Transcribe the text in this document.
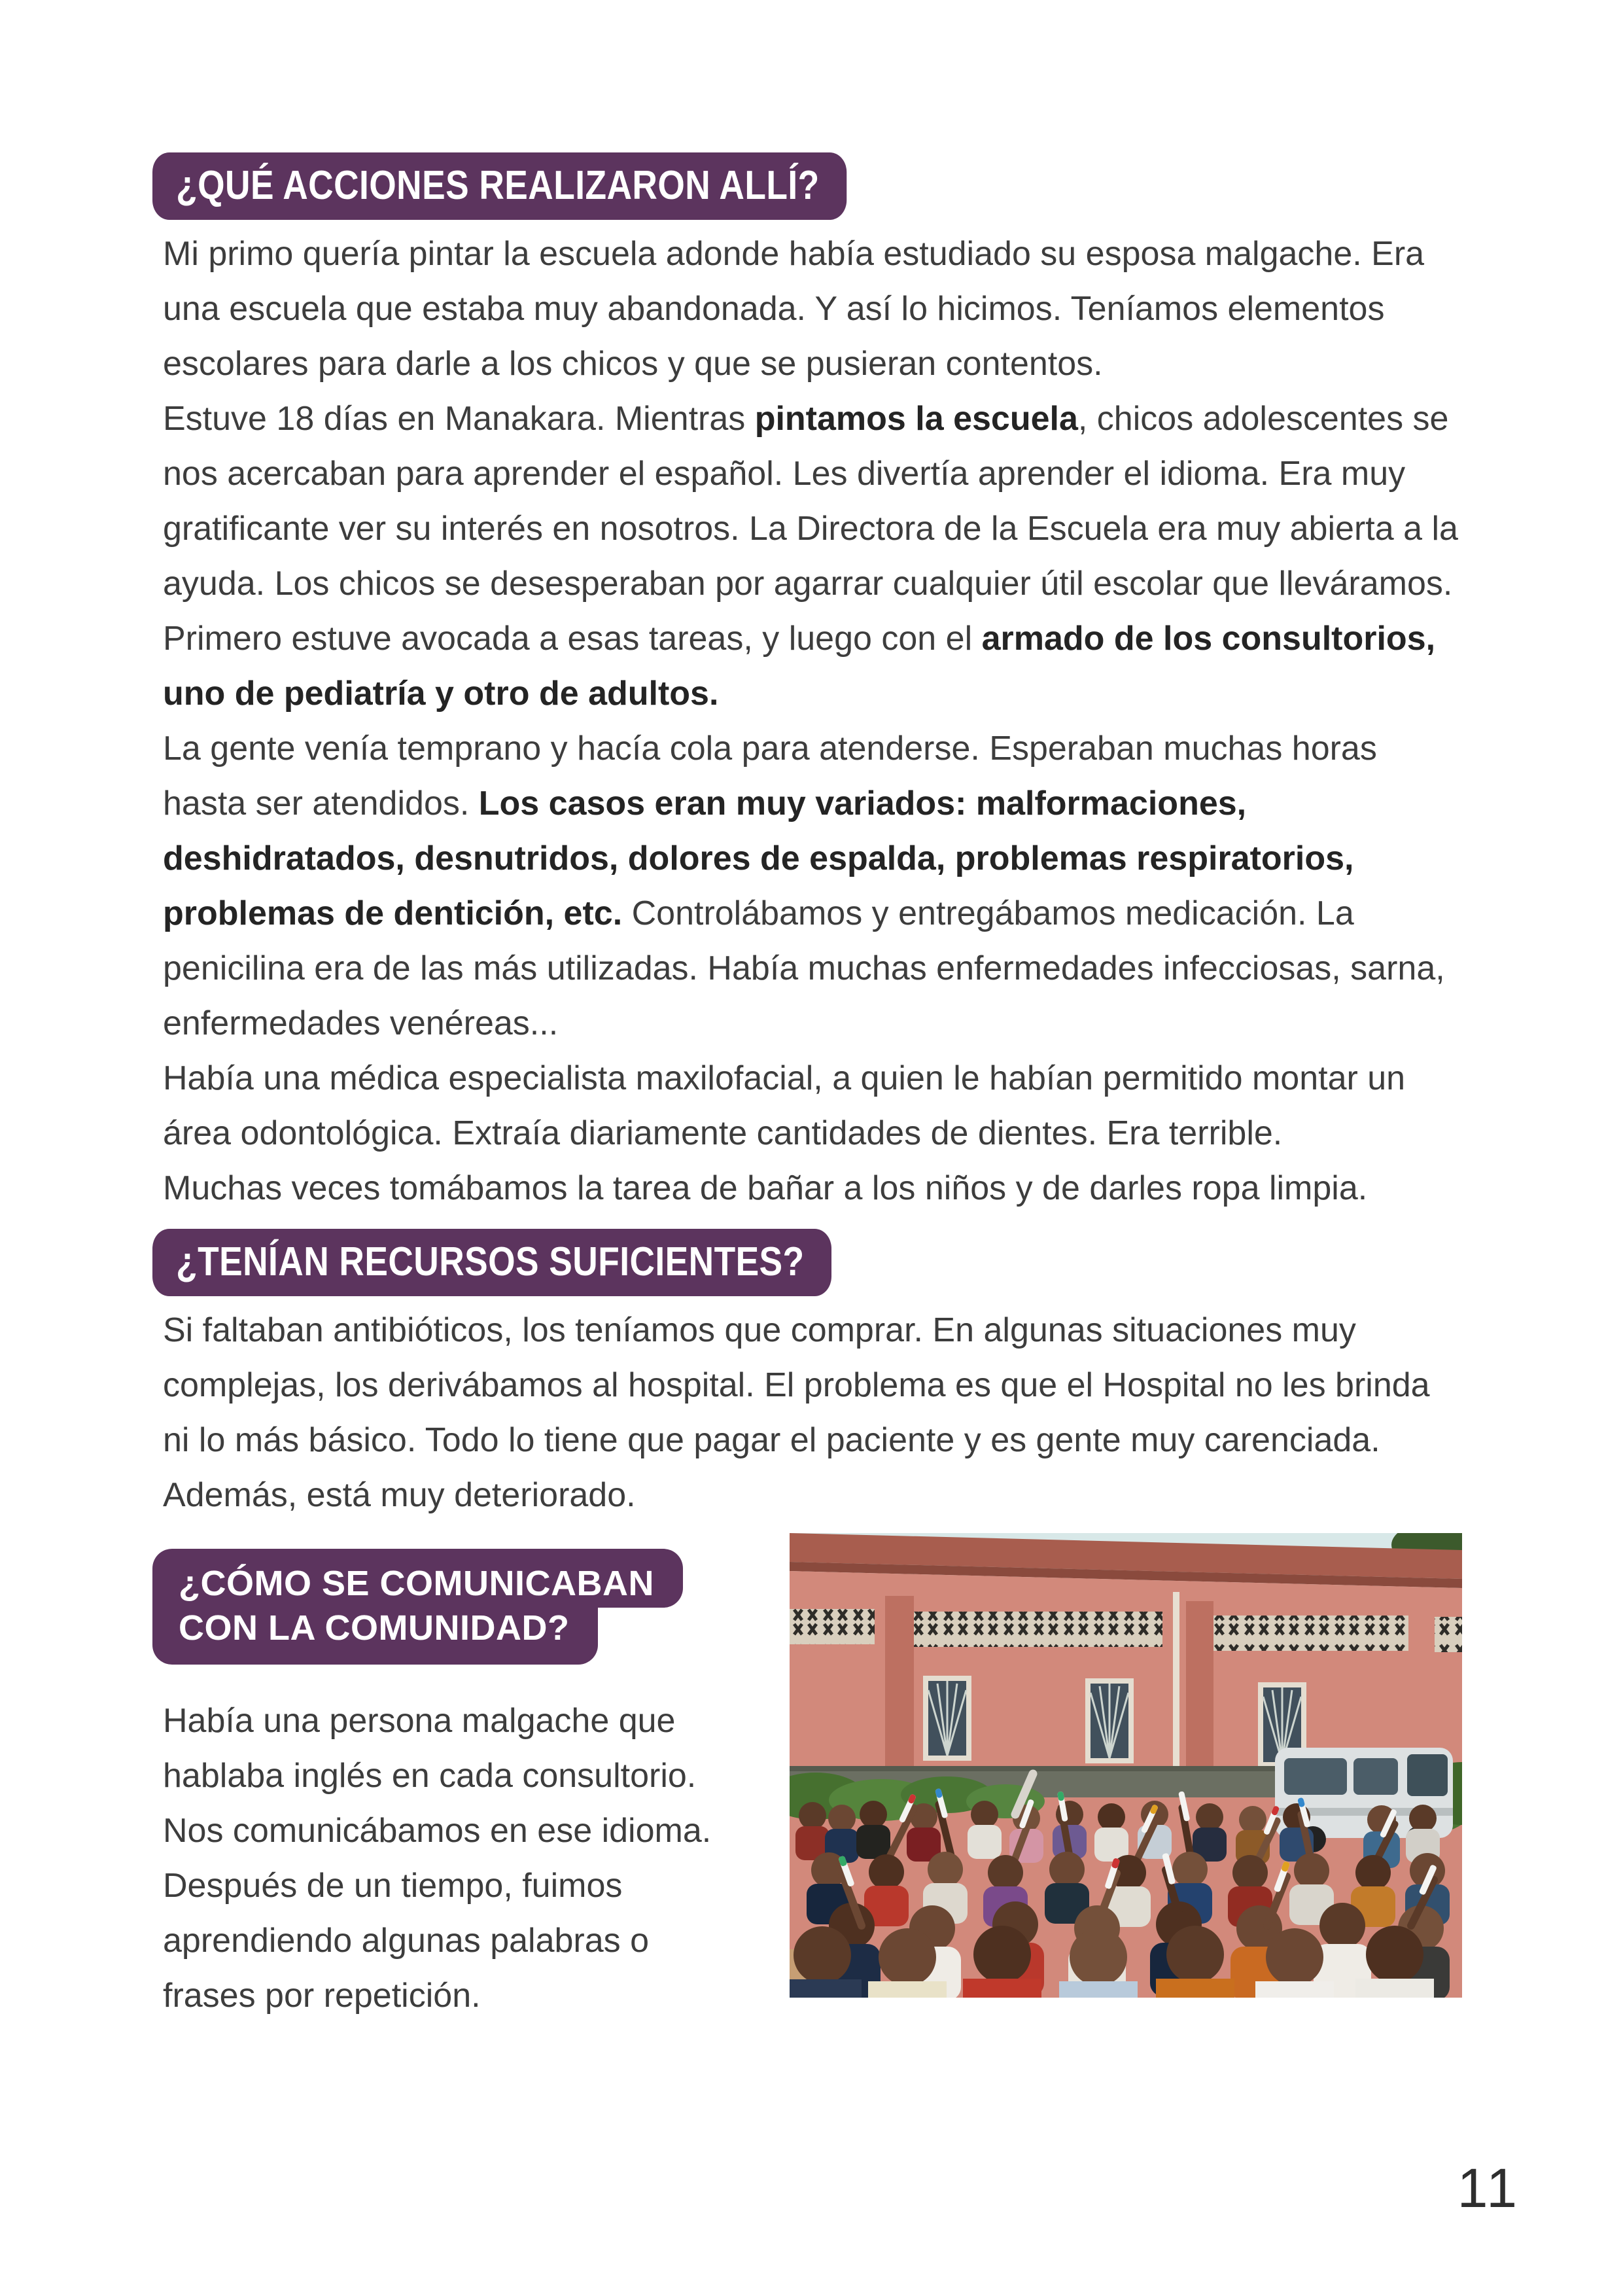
¿QUÉ ACCIONES REALIZARON ALLÍ?

Mi primo quería pintar la escuela adonde había estudiado su esposa malgache. Era una escuela que estaba muy abandonada. Y así lo hicimos. Teníamos elementos escolares para darle a los chicos y que se pusieran contentos.

Estuve 18 días en Manakara. Mientras pintamos la escuela, chicos adolescentes se nos acercaban para aprender el español. Les divertía aprender el idioma. Era muy gratificante ver su interés en nosotros. La Directora de la Escuela era muy abierta a la ayuda. Los chicos se desesperaban por agarrar cualquier útil escolar que lleváramos.

Primero estuve avocada a esas tareas, y luego con el armado de los consultorios, uno de pediatría y otro de adultos.

La gente venía temprano y hacía cola para atenderse. Esperaban muchas horas hasta ser atendidos. Los casos eran muy variados: malformaciones, deshidratados, desnutridos, dolores de espalda, problemas respiratorios, problemas de dentición, etc. Controlábamos y entregábamos medicación. La penicilina era de las más utilizadas. Había muchas enfermedades infecciosas, sarna, enfermedades venéreas...

Había una médica especialista maxilofacial, a quien le habían permitido montar un área odontológica. Extraía diariamente cantidades de dientes. Era terrible.

Muchas veces tomábamos la tarea de bañar a los niños y de darles ropa limpia.

¿TENÍAN RECURSOS SUFICIENTES?

Si faltaban antibióticos, los teníamos que comprar. En algunas situaciones muy complejas, los derivábamos al hospital. El problema es que el Hospital no les brinda ni lo más básico. Todo lo tiene que pagar el paciente y es gente muy carenciada. Además, está muy deteriorado.

¿CÓMO SE COMUNICABAN
CON LA COMUNIDAD?

Había una persona malgache que hablaba inglés en cada consultorio. Nos comunicábamos en ese idioma. Después de un tiempo, fuimos aprendiendo algunas palabras o frases por repetición.

11
